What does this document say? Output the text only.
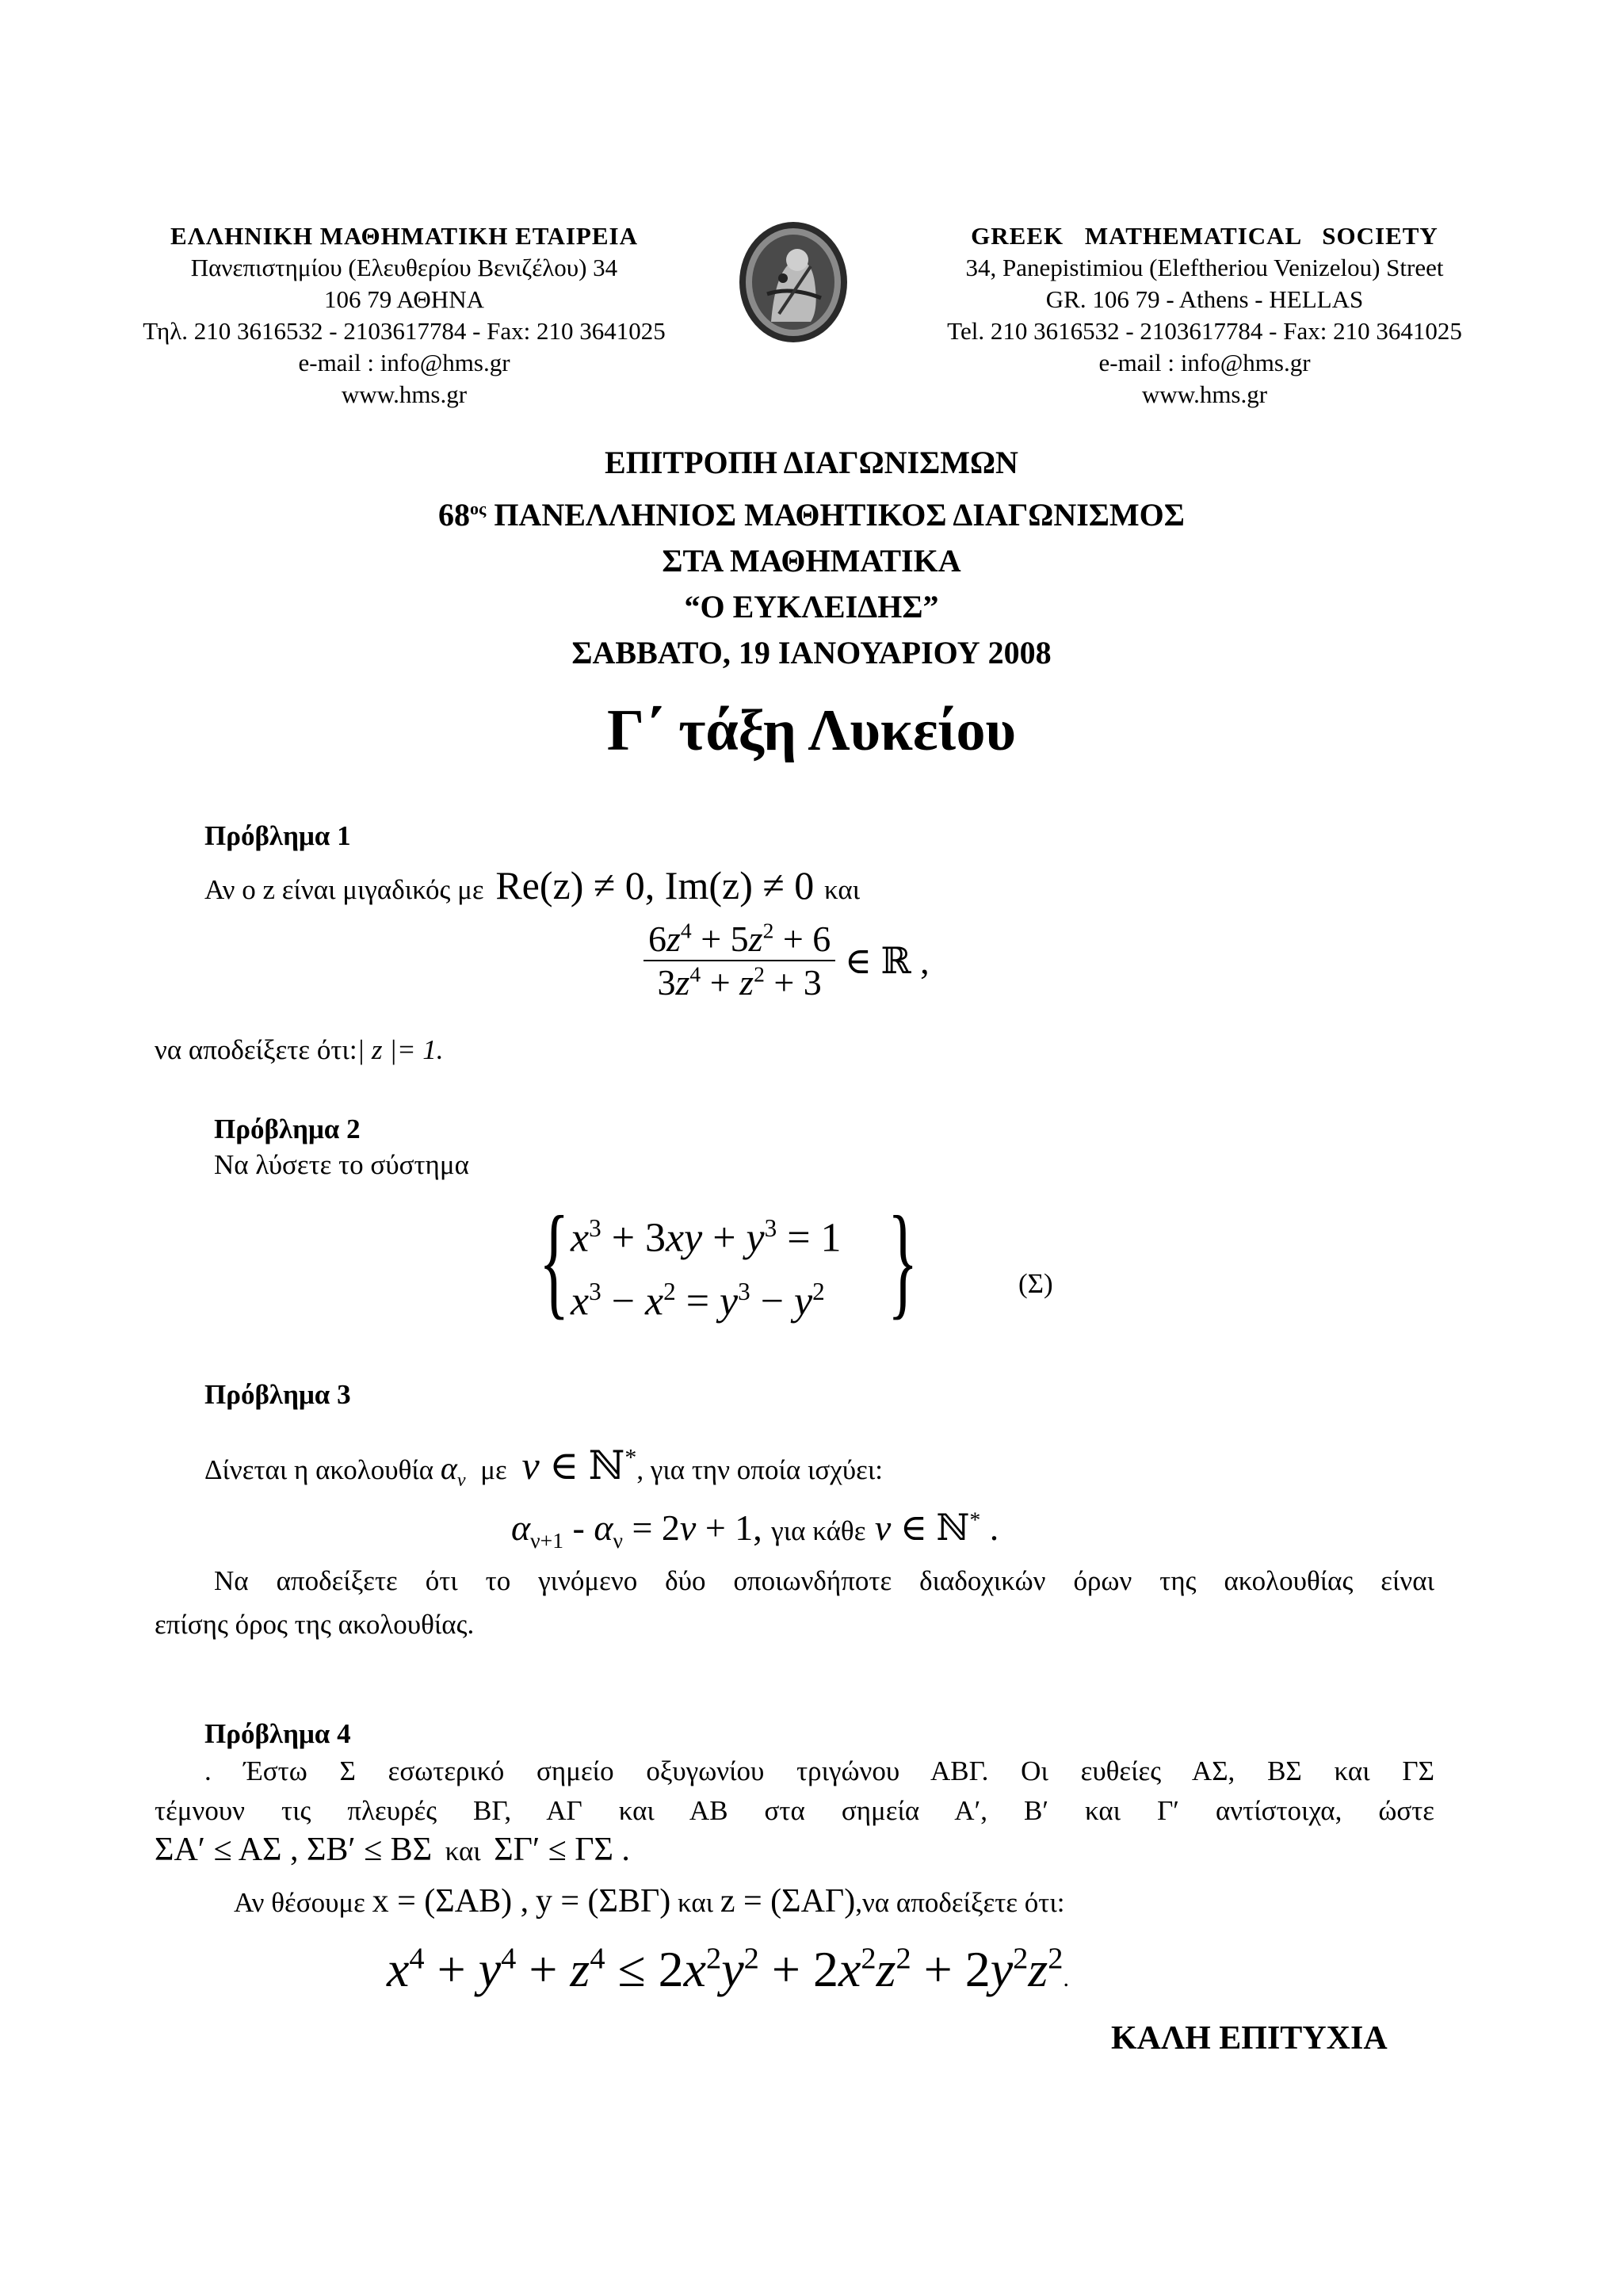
ΕΛΛΗΝΙΚΗ ΜΑΘΗΜΑΤΙΚΗ ΕΤΑΙΡΕΙΑ
Πανεπιστημίου (Ελευθερίου Βενιζέλου) 34
106 79 ΑΘΗΝΑ
Τηλ. 210 3616532 - 2103617784 - Fax: 210 3641025
e-mail : info@hms.gr
www.hms.gr
GREEK MATHEMATICAL SOCIETY
34, Panepistimiou (Εleftheriou Venizelou) Street
GR. 106 79 - Athens - HELLAS
Tel. 210 3616532 - 2103617784 - Fax: 210 3641025
e-mail : info@hms.gr
www.hms.gr
ΕΠΙΤΡΟΠΗ ΔΙΑΓΩΝΙΣΜΩΝ
$68^{o\varsigma}$ ΠΑΝΕΛΛΗΝΙΟΣ ΜΑΘΗΤΙΚΟΣ ΔΙΑΓΩΝΙΣΜΟΣ
ΣΤΑ ΜΑΘΗΜΑΤΙΚΑ
“Ο ΕΥΚΛΕΙΔΗΣ”
ΣΑΒΒΑΤΟ, 19 ΙΑΝΟΥΑΡΙΟΥ 2008
Γ΄ τάξη Λυκείου
Πρόβλημα 1
Αν ο z είναι μιγαδικός με Re(z) ≠ 0, Im(z) ≠ 0 και
$\frac{6z^4 + 5z^2 + 6}{3z^4 + z^2 + 3}$ ∈ ℝ ,
να αποδείξετε ότι:| z |= 1.
Πρόβλημα 2
Να λύσετε το σύστημα
{ $x^3 + 3xy + y^3 = 1$
$x^3 - x^2 = y^3 - y^2$ }	(Σ)
Πρόβλημα 3
Δίνεται η ακολουθία $\alpha_\nu$ με ν ∈ ℕ*, για την οποία ισχύει:
$\alpha_{\nu+1} - \alpha_\nu = 2\nu + 1$, για κάθε ν ∈ ℕ* .
Να αποδείξετε ότι το γινόμενο δύο οποιωνδήποτε διαδοχικών όρων της ακολουθίας είναι
επίσης όρος της ακολουθίας.
Πρόβλημα 4
. Έστω Σ εσωτερικό σημείο οξυγωνίου τριγώνου ΑΒΓ. Οι ευθείες ΑΣ, ΒΣ και ΓΣ
τέμνουν τις πλευρές ΒΓ, ΑΓ και ΑΒ στα σημεία Α′, Β′ και Γ′ αντίστοιχα, ώστε
ΣΑ′ ≤ ΑΣ , ΣΒ′ ≤ ΒΣ και ΣΓ′ ≤ ΓΣ .
Αν θέσουμε x = (ΣΑΒ) , y = (ΣΒΓ) και z = (ΣΑΓ),να αποδείξετε ότι:
$x^4 + y^4 + z^4 \le 2x^2y^2 + 2x^2z^2 + 2y^2z^2$.
ΚΑΛΗ ΕΠΙΤΥΧΙΑ
